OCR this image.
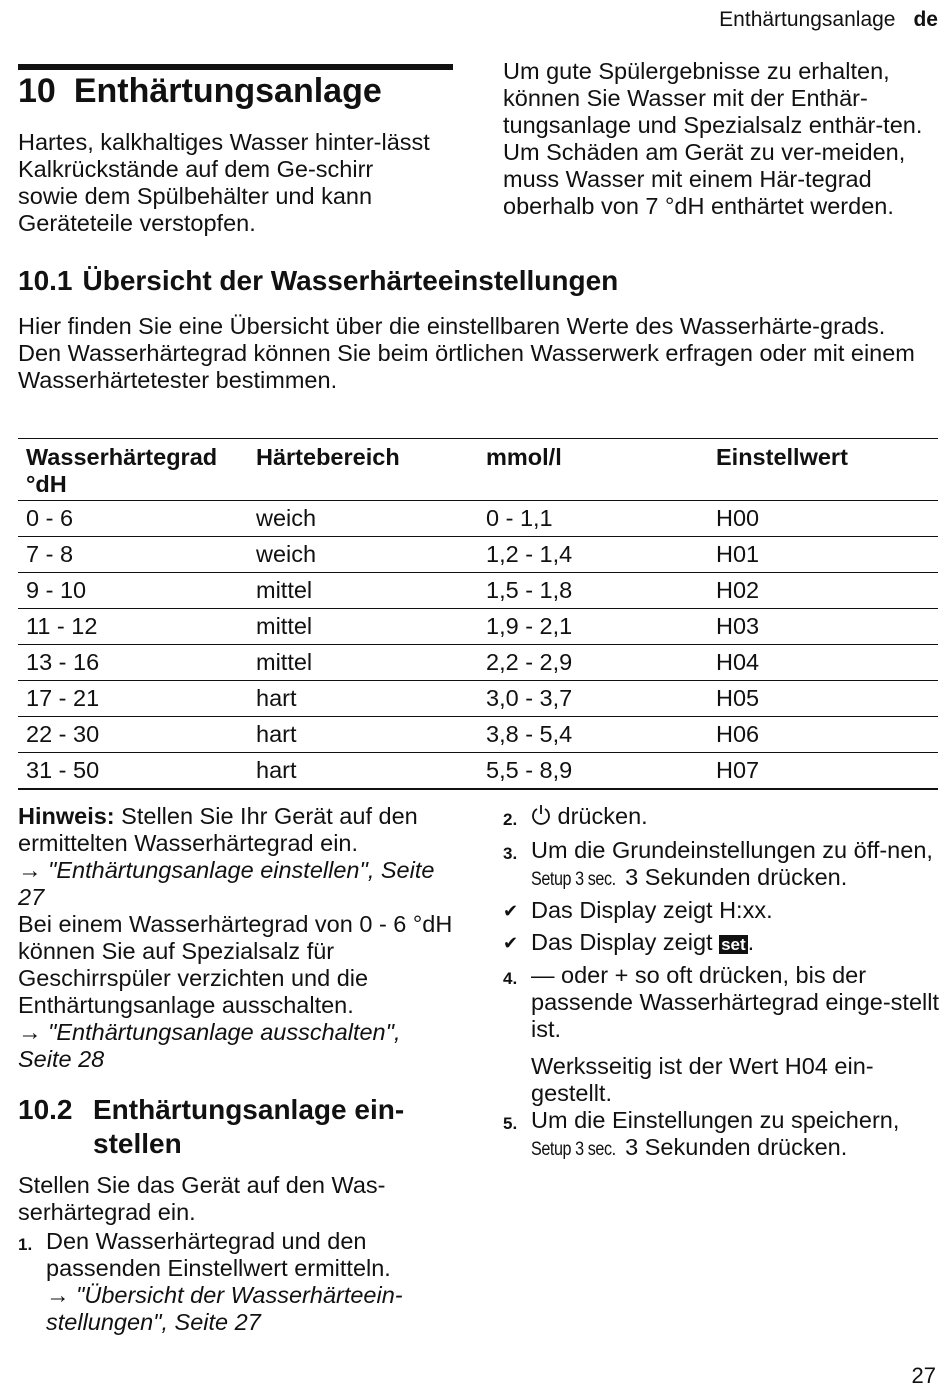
Enthärtungsanlage de
10 Enthärtungsanlage
Hartes, kalkhaltiges Wasser hinter-lässt Kalkrückstände auf dem Ge-schirr sowie dem Spülbehälter und kann Geräteteile verstopfen.
Um gute Spülergebnisse zu erhalten, können Sie Wasser mit der Enthär-tungsanlage und Spezialsalz enthär-ten. Um Schäden am Gerät zu ver-meiden, muss Wasser mit einem Här-tegrad oberhalb von 7 °dH enthärtet werden.
10.1 Übersicht der Wasserhärteeinstellungen
Hier finden Sie eine Übersicht über die einstellbaren Werte des Wasserhärte-grads.
Den Wasserhärtegrad können Sie beim örtlichen Wasserwerk erfragen oder mit einem Wasserhärtetester bestimmen.
Wasserhärtegrad °dH	Härtebereich	mmol/l	Einstellwert
0 - 6	weich	0 - 1,1	H00
7 - 8	weich	1,2 - 1,4	H01
9 - 10	mittel	1,5 - 1,8	H02
11 - 12	mittel	1,9 - 2,1	H03
13 - 16	mittel	2,2 - 2,9	H04
17 - 21	hart	3,0 - 3,7	H05
22 - 30	hart	3,8 - 5,4	H06
31 - 50	hart	5,5 - 8,9	H07
Hinweis: Stellen Sie Ihr Gerät auf den ermittelten Wasserhärtegrad ein.
→ "Enthärtungsanlage einstellen", Seite 27
Bei einem Wasserhärtegrad von 0 - 6 °dH können Sie auf Spezialsalz für Geschirrspüler verzichten und die Enthärtungsanlage ausschalten.
→ "Enthärtungsanlage ausschalten", Seite 28
10.2 Enthärtungsanlage ein-
stellen
Stellen Sie das Gerät auf den Was-serhärtegrad ein.
1. Den Wasserhärtegrad und den passenden Einstellwert ermitteln.
→ "Übersicht der Wasserhärteein-stellungen", Seite 27
2.	drücken.
3. Um die Grundeinstellungen zu öff-nen, Setup 3 sec. 3 Sekunden drücken.
✔ Das Display zeigt H:xx.
✔ Das Display zeigt set.
4. — oder + so oft drücken, bis der passende Wasserhärtegrad einge-stellt ist.
Werksseitig ist der Wert H04 ein-gestellt.
5. Um die Einstellungen zu speichern, Setup 3 sec. 3 Sekunden drücken.
27
